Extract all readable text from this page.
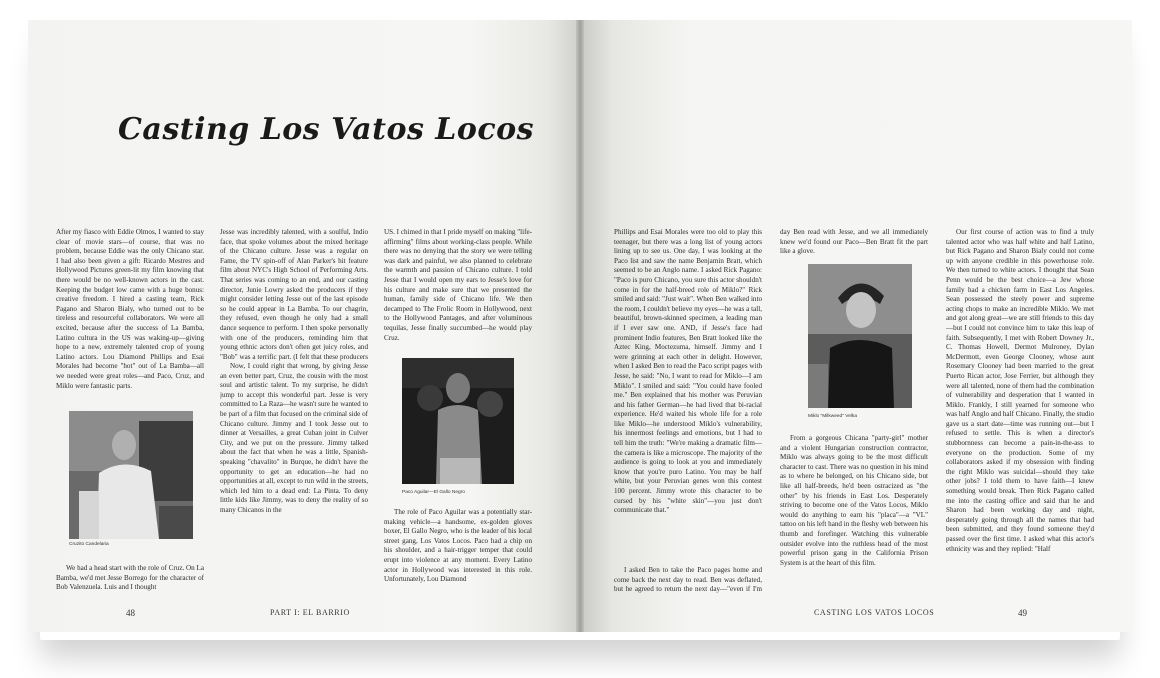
Casting Los Vatos Locos

After my fiasco with Eddie Olmos, I wanted to stay clear of movie stars—of course, that was no problem, because Eddie was the only Chicano star. I had also been given a gift: Ricardo Mestres and Hollywood Pictures green-lit my film knowing that there would be no well-known actors in the cast. Keeping the budget low came with a huge bonus: creative freedom. I hired a casting team, Rick Pagano and Sharon Bialy, who turned out to be tireless and resourceful collaborators. We were all excited, because after the success of La Bamba, Latino cultura in the US was waking-up—giving hope to a new, extremely talented crop of young Latino actors. Lou Diamond Phillips and Esai Morales had become "hot" out of La Bamba—all we needed were great roles—and Paco, Cruz, and Miklo were fantastic parts.

Cruzito Candelaria

We had a head start with the role of Cruz. On La Bamba, we'd met Jesse Borrego for the character of Bob Valenzuela. Luis and I thought

Jesse was incredibly talented, with a soulful, Indio face, that spoke volumes about the mixed heritage of the Chicano culture. Jesse was a regular on Fame, the TV spin-off of Alan Parker's hit feature film about NYC's High School of Performing Arts. That series was coming to an end, and our casting director, Junie Lowry asked the producers if they might consider letting Jesse out of the last episode so he could appear in La Bamba. To our chagrin, they refused, even though he only had a small dance sequence to perform. I then spoke personally with one of the producers, reminding him that young ethnic actors don't often get juicy roles, and "Bob" was a terrific part. (I felt that these producers

Now, I could right that wrong, by giving Jesse an even better part, Cruz, the cousin with the most soul and artistic talent. To my surprise, he didn't jump to accept this wonderful part. Jesse is very committed to La Raza—he wasn't sure he wanted to be part of a film that focused on the criminal side of Chicano culture. Jimmy and I took Jesse out to dinner at Versailles, a great Cuban joint in Culver City, and we put on the pressure. Jimmy talked about the fact that when he was a little, Spanish-speaking "chavalito" in Burque, he didn't have the opportunity to get an education—he had no opportunities at all, except to run wild in the streets, which led him to a dead end: La Pinta. To deny little kids like Jimmy, was to deny the reality of so many Chicanos in the

US. I chimed in that I pride myself on making "life-affirming" films about working-class people. While there was no denying that the story we were telling was dark and painful, we also planned to celebrate the warmth and passion of Chicano culture. I told Jesse that I would open my ears to Jesse's love for his culture and make sure that we presented the human, family side of Chicano life. We then decamped to The Frolic Room in Hollywood, next to the Hollywood Pantages, and after voluminous tequilas, Jesse finally succumbed—he would play Cruz.

Paco Aguilar—El Gallo Negro

The role of Paco Aguilar was a potentially star-making vehicle—a handsome, ex-golden gloves boxer, El Gallo Negro, who is the leader of his local street gang, Los Vatos Locos. Paco had a chip on his shoulder, and a hair-trigger temper that could erupt into violence at any moment. Every Latino actor in Hollywood was interested in this role. Unfortunately, Lou Diamond

48	PART I: EL BARRIO

Phillips and Esai Morales were too old to play this teenager, but there was a long list of young actors lining up to see us. One day, I was looking at the Paco list and saw the name Benjamin Bratt, which seemed to be an Anglo name. I asked Rick Pagano: "Paco is puro Chicano, you sure this actor shouldn't come in for the half-breed role of Miklo?" Rick smiled and said: "Just wait". When Ben walked into the room, I couldn't believe my eyes—he was a tall, beautiful, brown-skinned specimen, a leading man if I ever saw one. AND, if Jesse's face had prominent Indio features, Ben Bratt looked like the Aztec King, Moctezuma, himself. Jimmy and I were grinning at each other in delight. However, when I asked Ben to read the Paco script pages with Jesse, he said: "No, I want to read for Miklo—I am Miklo". I smiled and said: "You could have fooled me." Ben explained that his mother was Peruvian and his father German—he had lived that bi-racial experience. He'd waited his whole life for a role like Miklo—he understood Miklo's vulnerability, his innermost feelings and emotions, but I had to tell him the truth: "We're making a dramatic film—the camera is like a microscope. The majority of the audience is going to look at you and immediately know that you're puro Latino. You may be half white, but your Peruvian genes won this contest 100 percent. Jimmy wrote this character to be cursed by his "white skin"—you just don't communicate that."

I asked Ben to take the Paco pages home and come back the next day to read. Ben was deflated, but he agreed to return the next day—"even if I'm

day Ben read with Jesse, and we all immediately knew we'd found our Paco—Ben Bratt fit the part like a glove.

Miklo "Milkweed" Velka

From a gorgeous Chicana "party-girl" mother and a violent Hungarian construction contractor, Miklo was always going to be the most difficult character to cast. There was no question in his mind as to where he belonged, on his Chicano side, but like all half-breeds, he'd been ostracized as "the other" by his friends in East Los. Desperately striving to become one of the Vatos Locos, Miklo would do anything to earn his "placa"—a "VL" tattoo on his left hand in the fleshy web between his thumb and forefinger. Watching this vulnerable outsider evolve into the ruthless head of the most powerful prison gang in the California Prison System is at the heart of this film.

Our first course of action was to find a truly talented actor who was half white and half Latino, but Rick Pagano and Sharon Bialy could not come up with anyone credible in this powerhouse role. We then turned to white actors. I thought that Sean Penn would be the best choice—a Jew whose family had a chicken farm in East Los Angeles. Sean possessed the steely power and supreme acting chops to make an incredible Miklo. We met and got along great—we are still friends to this day—but I could not convince him to take this leap of faith. Subsequently, I met with Robert Downey Jr., C. Thomas Howell, Dermot Mulroney, Dylan McDermott, even George Clooney, whose aunt Rosemary Clooney had been married to the great Puerto Rican actor, Jose Ferrier, but although they were all talented, none of them had the combination of vulnerability and desperation that I wanted in Miklo. Frankly, I still yearned for someone who was half Anglo and half Chicano. Finally, the studio gave us a start date—time was running out—but I refused to settle. This is when a director's stubbornness can become a pain-in-the-ass to everyone on the production. Some of my collaborators asked if my obsession with finding the right Miklo was suicidal—should they take other jobs? I told them to have faith—I knew something would break. Then Rick Pagano called me into the casting office and said that he and Sharon had been working day and night, desperately going through all the names that had been submitted, and they found someone they'd passed over the first time. I asked what this actor's ethnicity was and they replied: "Half

CASTING LOS VATOS LOCOS	49
